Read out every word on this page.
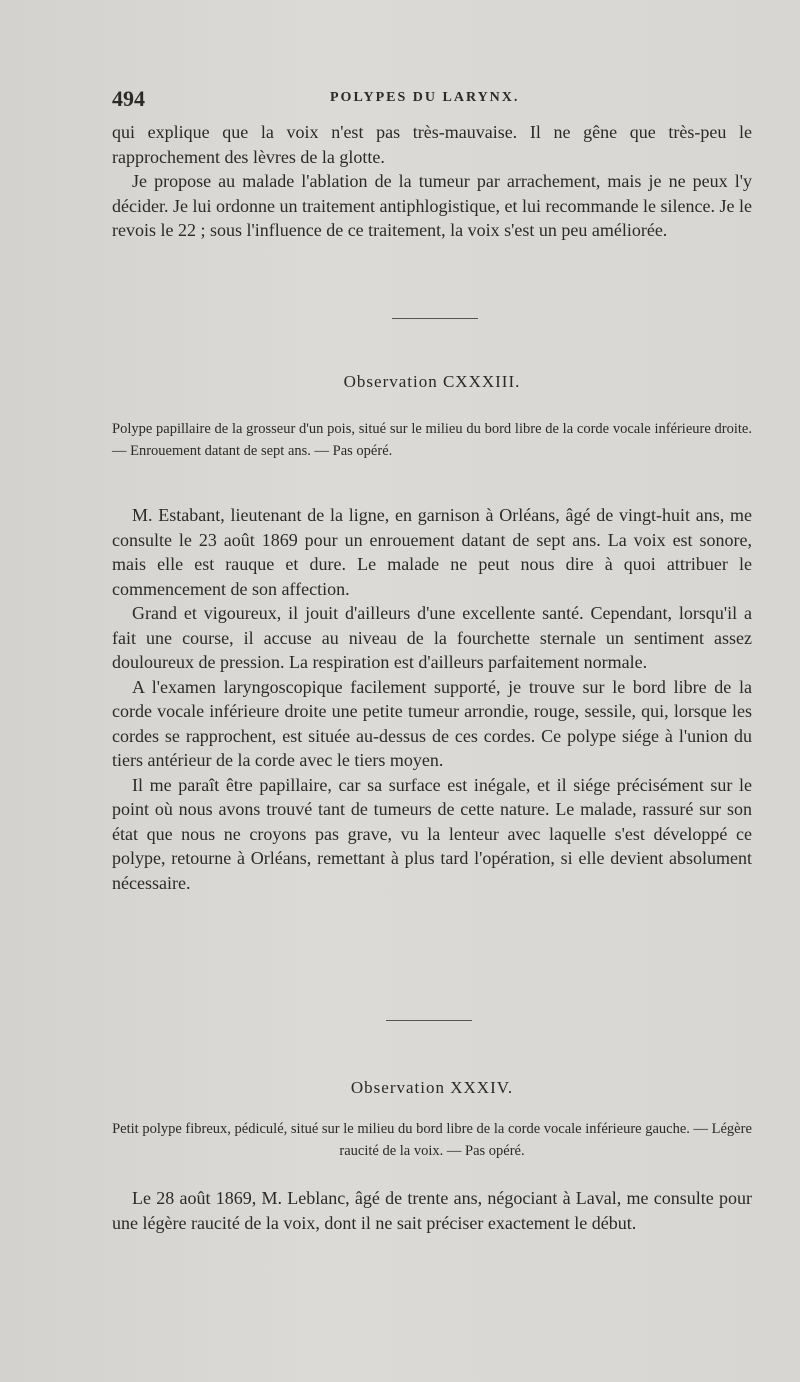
494	POLYPES DU LARYNX.

qui explique que la voix n'est pas très-mauvaise. Il ne gêne que très-peu le rapprochement des lèvres de la glotte.

Je propose au malade l'ablation de la tumeur par arrachement, mais je ne peux l'y décider. Je lui ordonne un traitement antiphlogistique, et lui recommande le silence. Je le revois le 22 ; sous l'influence de ce traitement, la voix s'est un peu améliorée.

Observation CXXXIII.

Polype papillaire de la grosseur d'un pois, situé sur le milieu du bord libre de la corde vocale inférieure droite. — Enrouement datant de sept ans. — Pas opéré.

M. Estabant, lieutenant de la ligne, en garnison à Orléans, âgé de vingt-huit ans, me consulte le 23 août 1869 pour un enrouement datant de sept ans. La voix est sonore, mais elle est rauque et dure. Le malade ne peut nous dire à quoi attribuer le commencement de son affection.

Grand et vigoureux, il jouit d'ailleurs d'une excellente santé. Cependant, lorsqu'il a fait une course, il accuse au niveau de la fourchette sternale un sentiment assez douloureux de pression. La respiration est d'ailleurs parfaitement normale.

A l'examen laryngoscopique facilement supporté, je trouve sur le bord libre de la corde vocale inférieure droite une petite tumeur arrondie, rouge, sessile, qui, lorsque les cordes se rapprochent, est située au-dessus de ces cordes. Ce polype siége à l'union du tiers antérieur de la corde avec le tiers moyen.

Il me paraît être papillaire, car sa surface est inégale, et il siége précisément sur le point où nous avons trouvé tant de tumeurs de cette nature. Le malade, rassuré sur son état que nous ne croyons pas grave, vu la lenteur avec laquelle s'est développé ce polype, retourne à Orléans, remettant à plus tard l'opération, si elle devient absolument nécessaire.

Observation XXXIV.

Petit polype fibreux, pédiculé, situé sur le milieu du bord libre de la corde vocale inférieure gauche. — Légère raucité de la voix. — Pas opéré.

Le 28 août 1869, M. Leblanc, âgé de trente ans, négociant à Laval, me consulte pour une légère raucité de la voix, dont il ne sait préciser exactement le début.
